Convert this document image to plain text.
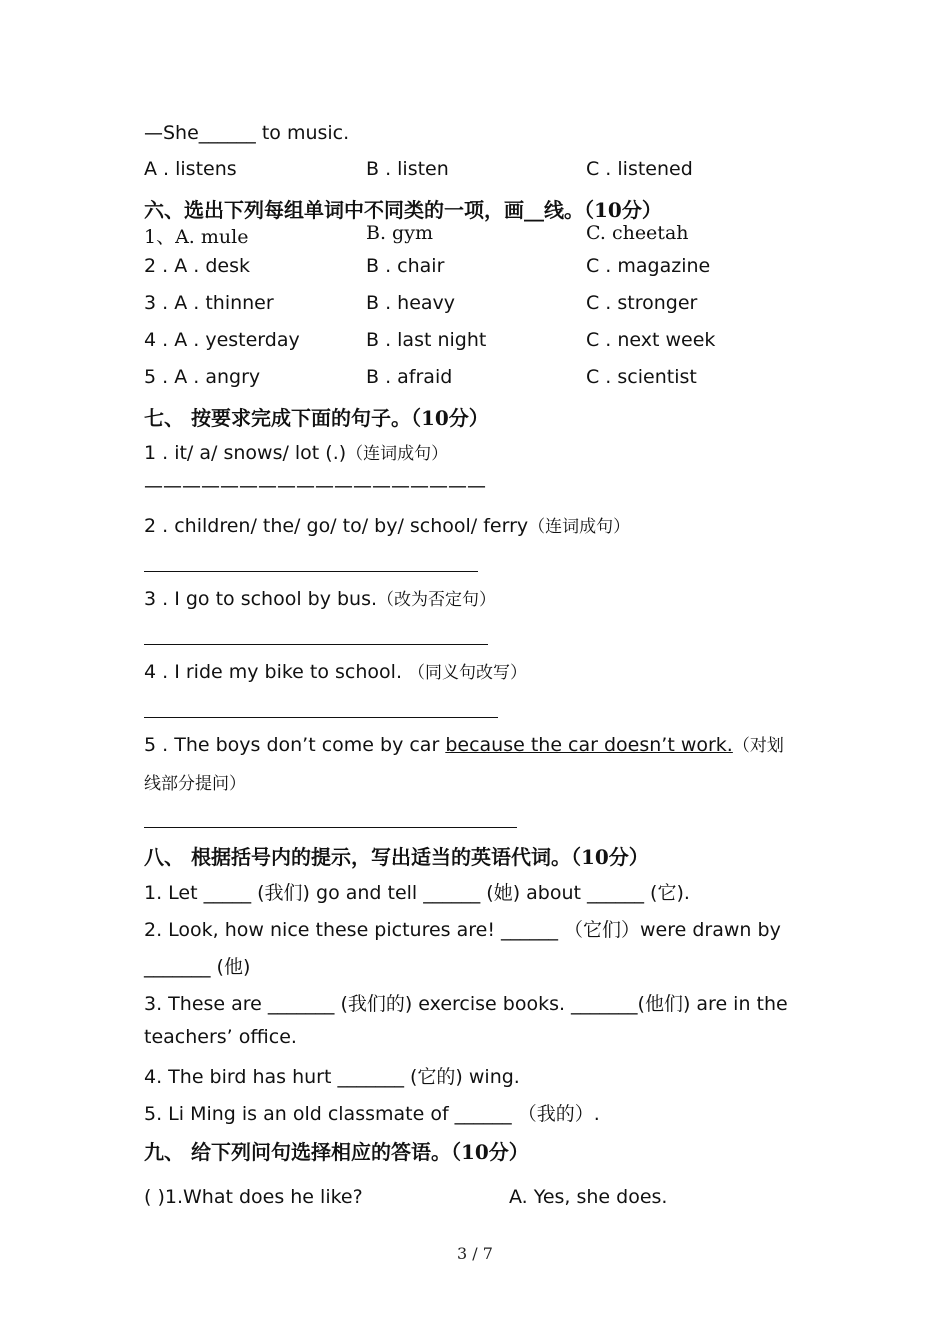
—She______ to music.
A . listens	B . listen	C . listened
六、选出下列每组单词中不同类的一项，画__线。（10分）
1、A. mule	B. gym	C. cheetah
2 . A . desk	B . chair	C . magazine
3 . A . thinner	B . heavy	C . stronger
4 . A . yesterday	B . last night	C . next week
5 . A . angry	B . afraid	C . scientist
七、 按要求完成下面的句子。（10分）
1 . it/ a/ snows/ lot (.)（连词成句）
——————————————————
2 . children/ the/ go/ to/ by/ school/ ferry（连词成句）
3 . I go to school by bus.（改为否定句）
4 . I ride my bike to school. （同义句改写）
5 . The boys don’t come by car because the car doesn’t work.（对划
线部分提问）
八、 根据括号内的提示，写出适当的英语代词。（10分）
1. Let _____ (我们) go and tell ______ (她) about ______ (它).
2. Look, how nice these pictures are! ______ （它们）were drawn by
_______ (他)
3. These are _______ (我们的) exercise books. _______(他们) are in the
teachers’ office.
4. The bird has hurt _______ (它的) wing.
5. Li Ming is an old classmate of ______ （我的）.
九、 给下列问句选择相应的答语。（10分）
( )1.What does he like?	A. Yes, she does.
3 / 7
